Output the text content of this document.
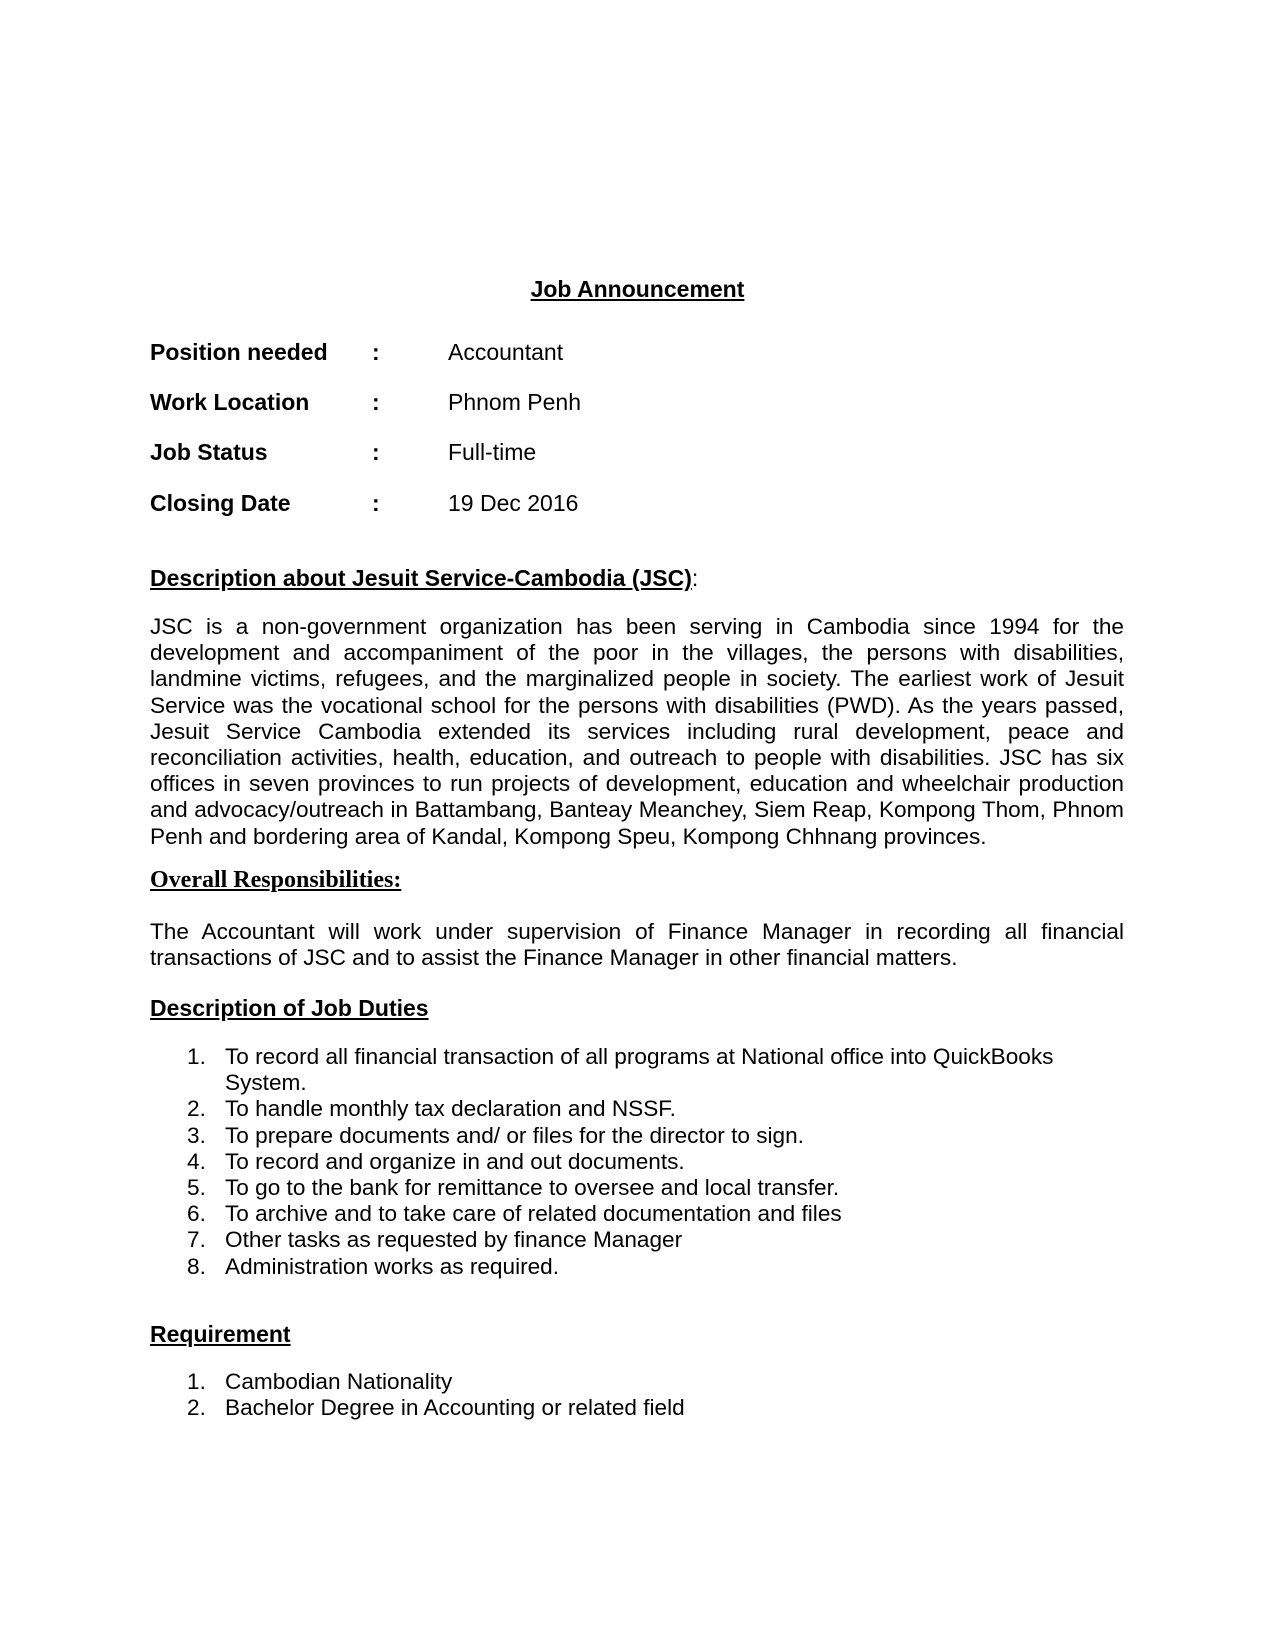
Job Announcement
Position needed :	Accountant
Work Location	:	Phnom Penh
Job Status	:	Full-time
Closing Date	:	19 Dec 2016
Description about Jesuit Service-Cambodia (JSC):

JSC is a non-government organization has been serving in Cambodia since 1994 for the development and accompaniment of the poor in the villages, the persons with disabilities, landmine victims, refugees, and the marginalized people in society. The earliest work of Jesuit Service was the vocational school for the persons with disabilities (PWD). As the years passed, Jesuit Service Cambodia extended its services including rural development, peace and reconciliation activities, health, education, and outreach to people with disabilities. JSC has six offices in seven provinces to run projects of development, education and wheelchair production and advocacy/outreach in Battambang, Banteay Meanchey, Siem Reap, Kompong Thom, Phnom Penh and bordering area of Kandal, Kompong Speu, Kompong Chhnang provinces.

Overall Responsibilities:

The Accountant will work under supervision of Finance Manager in recording all financial transactions of JSC and to assist the Finance Manager in other financial matters.

Description of Job Duties
1. To record all financial transaction of all programs at National office into QuickBooks System.
2. To handle monthly tax declaration and NSSF.
3. To prepare documents and/ or files for the director to sign.
4. To record and organize in and out documents.
5. To go to the bank for remittance to oversee and local transfer.
6. To archive and to take care of related documentation and files
7. Other tasks as requested by finance Manager
8. Administration works as required.
Requirement
1. Cambodian Nationality
2. Bachelor Degree in Accounting or related field
